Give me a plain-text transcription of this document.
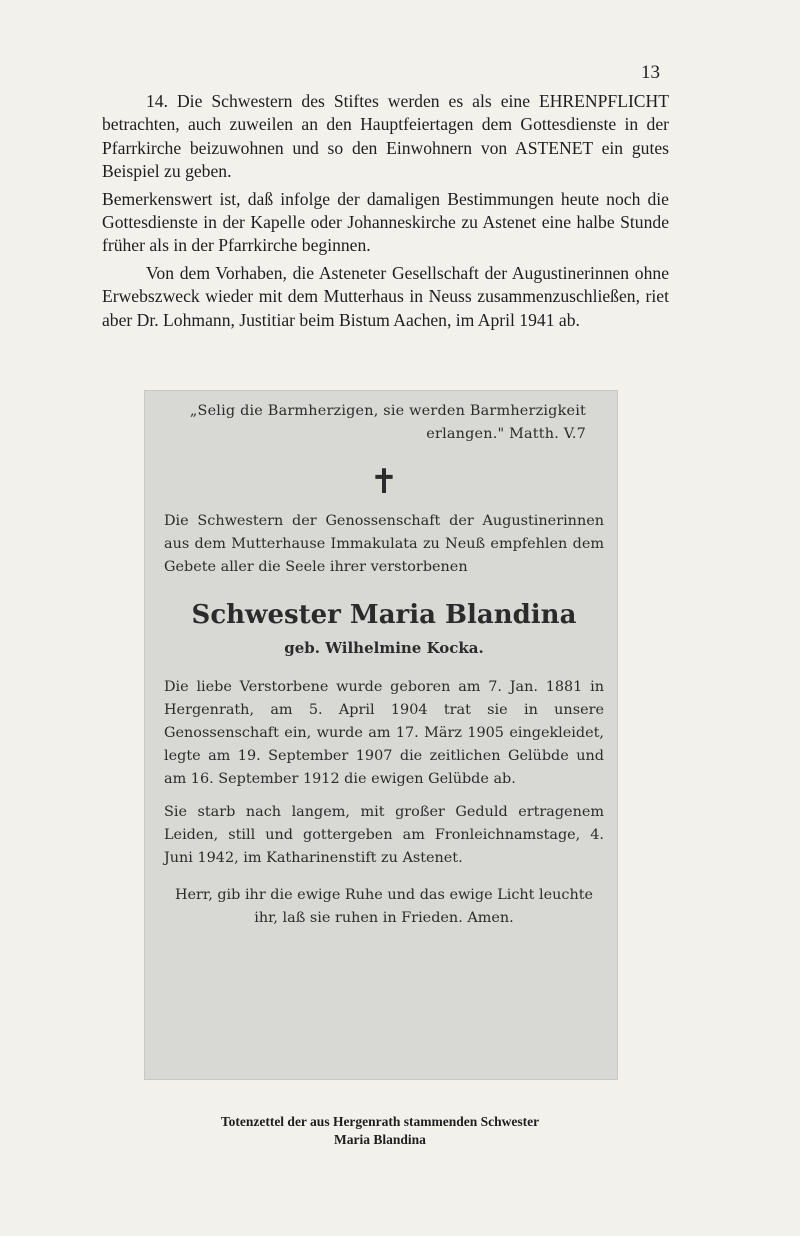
13

14. Die Schwestern des Stiftes werden es als eine EHRENPFLICHT betrachten, auch zuweilen an den Hauptfeiertagen dem Gottesdienste in der Pfarrkirche beizuwohnen und so den Einwohnern von ASTENET ein gutes Beispiel zu geben.

Bemerkenswert ist, daß infolge der damaligen Bestimmungen heute noch die Gottesdienste in der Kapelle oder Johanneskirche zu Astenet eine halbe Stunde früher als in der Pfarrkirche beginnen.

Von dem Vorhaben, die Asteneter Gesellschaft der Augustinerinnen ohne Erwebszweck wieder mit dem Mutterhaus in Neuss zusammenzuschließen, riet aber Dr. Lohmann, Justitiar beim Bistum Aachen, im April 1941 ab.

„Selig die Barmherzigen, sie werden Barmherzigkeit erlangen." Matth. V.7
✝
Die Schwestern der Genossenschaft der Augustinerinnen aus dem Mutterhause Immakulata zu Neuß empfehlen dem Gebete aller die Seele ihrer verstorbenen
Schwester Maria Blandina
geb. Wilhelmine Kocka.
Die liebe Verstorbene wurde geboren am 7. Jan. 1881 in Hergenrath, am 5. April 1904 trat sie in unsere Genossenschaft ein, wurde am 17. März 1905 eingekleidet, legte am 19. September 1907 die zeitlichen Gelübde und am 16. September 1912 die ewigen Gelübde ab.
Sie starb nach langem, mit großer Geduld ertragenem Leiden, still und gottergeben am Fronleichnamstage, 4. Juni 1942, im Katharinenstift zu Astenet.
Herr, gib ihr die ewige Ruhe und das ewige Licht leuchte ihr, laß sie ruhen in Frieden. Amen.
Totenzettel der aus Hergenrath stammenden Schwester
Maria Blandina
